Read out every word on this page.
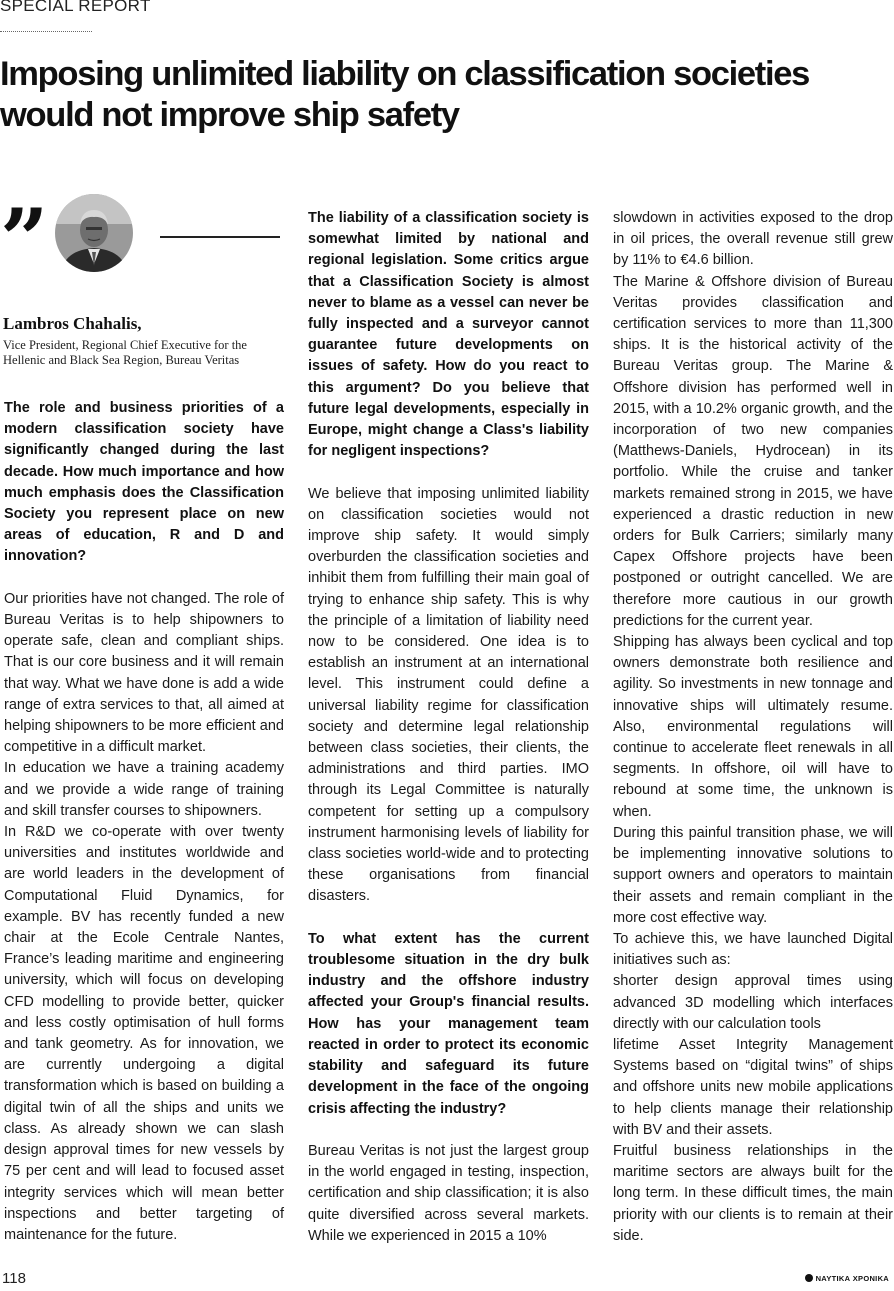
SPECIAL REPORT
Imposing unlimited liability on classification societies would not improve ship safety
”

Lambros Chahalis,

Vice President, Regional Chief Executive for the Hellenic and Black Sea Region, Bureau Veritas

The role and business priorities of a modern classification society have significantly changed during the last decade. How much importance and how much emphasis does the Classification Society you represent place on new areas of education, R and D and innovation?

Our priorities have not changed. The role of Bureau Veritas is to help shipowners to operate safe, clean and compliant ships. That is our core business and it will remain that way. What we have done is add a wide range of extra services to that, all aimed at helping shipowners to be more efficient and competitive in a difficult market.

In education we have a training academy and we provide a wide range of training and skill transfer courses to shipowners.

In R&D we co-operate with over twenty universities and institutes worldwide and are world leaders in the development of Computational Fluid Dynamics, for example. BV has recently funded a new chair at the Ecole Centrale Nantes, France’s leading maritime and engineering university, which will focus on developing CFD modelling to provide better, quicker and less costly optimisation of hull forms and tank geometry. As for innovation, we are currently undergoing a digital transformation which is based on building a digital twin of all the ships and units we class. As already shown we can slash design approval times for new vessels by 75 per cent and will lead to focused asset integrity services which will mean better inspections and better targeting of maintenance for the future.

The liability of a classification society is somewhat limited by national and regional legislation. Some critics argue that a Classification Society is almost never to blame as a vessel can never be fully inspected and a surveyor cannot guarantee future developments on issues of safety. How do you react to this argument? Do you believe that future legal developments, especially in Europe, might change a Class's liability for negligent inspections?

We believe that imposing unlimited liability on classification societies would not improve ship safety. It would simply overburden the classification societies and inhibit them from fulfilling their main goal of trying to enhance ship safety. This is why the principle of a limitation of liability need now to be considered. One idea is to establish an instrument at an international level. This instrument could define a universal liability regime for classification society and determine legal relationship between class societies, their clients, the administrations and third parties. IMO through its Legal Committee is naturally competent for setting up a compulsory instrument harmonising levels of liability for class societies world-wide and to protecting these organisations from financial disasters.

To what extent has the current troublesome situation in the dry bulk industry and the offshore industry affected your Group's financial results. How has your management team reacted in order to protect its economic stability and safeguard its future development in the face of the ongoing crisis affecting the industry?

Bureau Veritas is not just the largest group in the world engaged in testing, inspection, certification and ship classification; it is also quite diversified across several markets. While we experienced in 2015 a 10%

slowdown in activities exposed to the drop in oil prices, the overall revenue still grew by 11% to €4.6 billion.

The Marine & Offshore division of Bureau Veritas provides classification and certification services to more than 11,300 ships. It is the historical activity of the Bureau Veritas group. The Marine & Offshore division has performed well in 2015, with a 10.2% organic growth, and the incorporation of two new companies (Matthews-Daniels, Hydrocean) in its portfolio. While the cruise and tanker markets remained strong in 2015, we have experienced a drastic reduction in new orders for Bulk Carriers; similarly many Capex Offshore projects have been postponed or outright cancelled. We are therefore more cautious in our growth predictions for the current year.

Shipping has always been cyclical and top owners demonstrate both resilience and agility. So investments in new tonnage and innovative ships will ultimately resume. Also, environmental regulations will continue to accelerate fleet renewals in all segments. In offshore, oil will have to rebound at some time, the unknown is when.

During this painful transition phase, we will be implementing innovative solutions to support owners and operators to maintain their assets and remain compliant in the more cost effective way.

To achieve this, we have launched Digital initiatives such as:

shorter design approval times using advanced 3D modelling which interfaces directly with our calculation tools

lifetime Asset Integrity Management Systems based on “digital twins” of ships and offshore units new mobile applications to help clients manage their relationship with BV and their assets.

Fruitful business relationships in the maritime sectors are always built for the long term. In these difficult times, the main priority with our clients is to remain at their side.

118	ΝΑΥΤΙΚΑ ΧΡΟΝΙΚΑ
